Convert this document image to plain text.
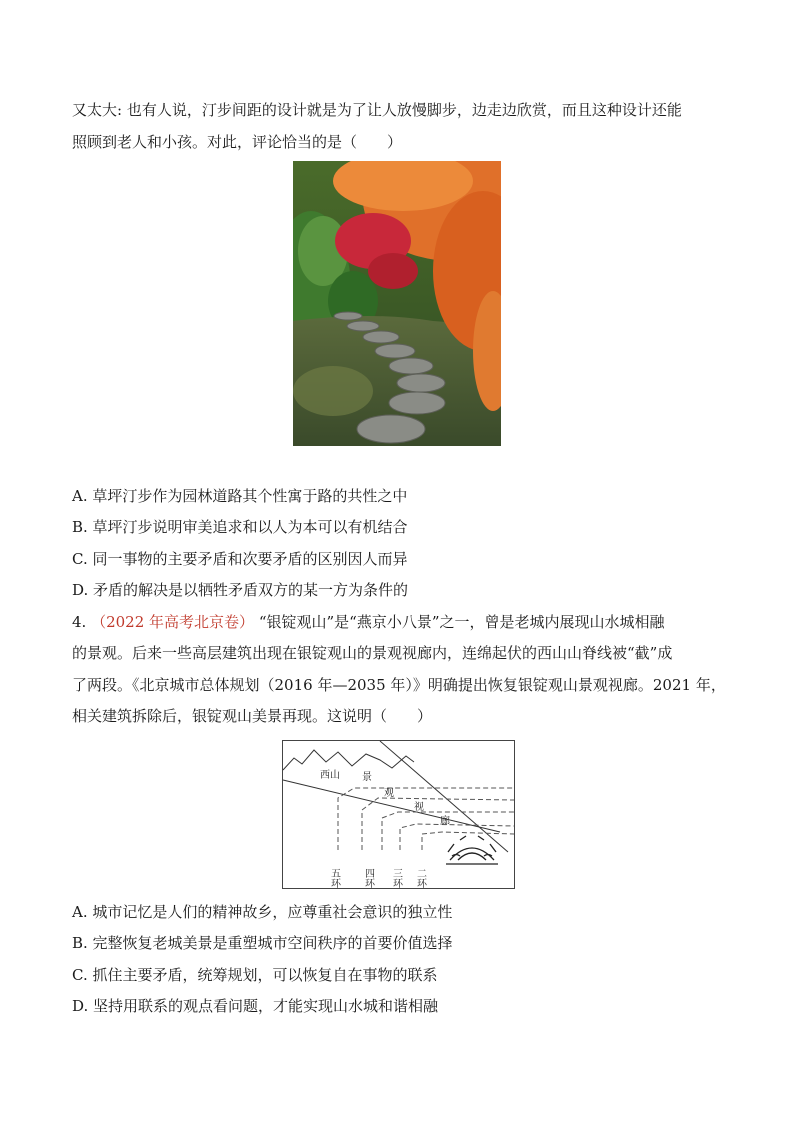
又太大: 也有人说，汀步间距的设计就是为了让人放慢脚步，边走边欣赏，而且这种设计还能
照顾到老人和小孩。对此，评论恰当的是（　　）
A. 草坪汀步作为园林道路其个性寓于路的共性之中
B. 草坪汀步说明审美追求和以人为本可以有机结合
C. 同一事物的主要矛盾和次要矛盾的区别因人而异
D. 矛盾的解决是以牺牲矛盾双方的某一方为条件的
4. （2022 年高考北京卷） “银锭观山”是“燕京小八景”之一，曾是老城内展现山水城相融
的景观。后来一些高层建筑出现在银锭观山的景观视廊内，连绵起伏的西山山脊线被“截”成
了两段。《北京城市总体规划（2016 年—2035 年）》明确提出恢复银锭观山景观视廊。2021 年，
相关建筑拆除后，银锭观山美景再现。这说明（　　）
西山 景
观
视
廊
五环 四环 三环 二环
A. 城市记忆是人们的精神故乡，应尊重社会意识的独立性
B. 完整恢复老城美景是重塑城市空间秩序的首要价值选择
C. 抓住主要矛盾，统筹规划，可以恢复自在事物的联系
D. 坚持用联系的观点看问题，才能实现山水城和谐相融
